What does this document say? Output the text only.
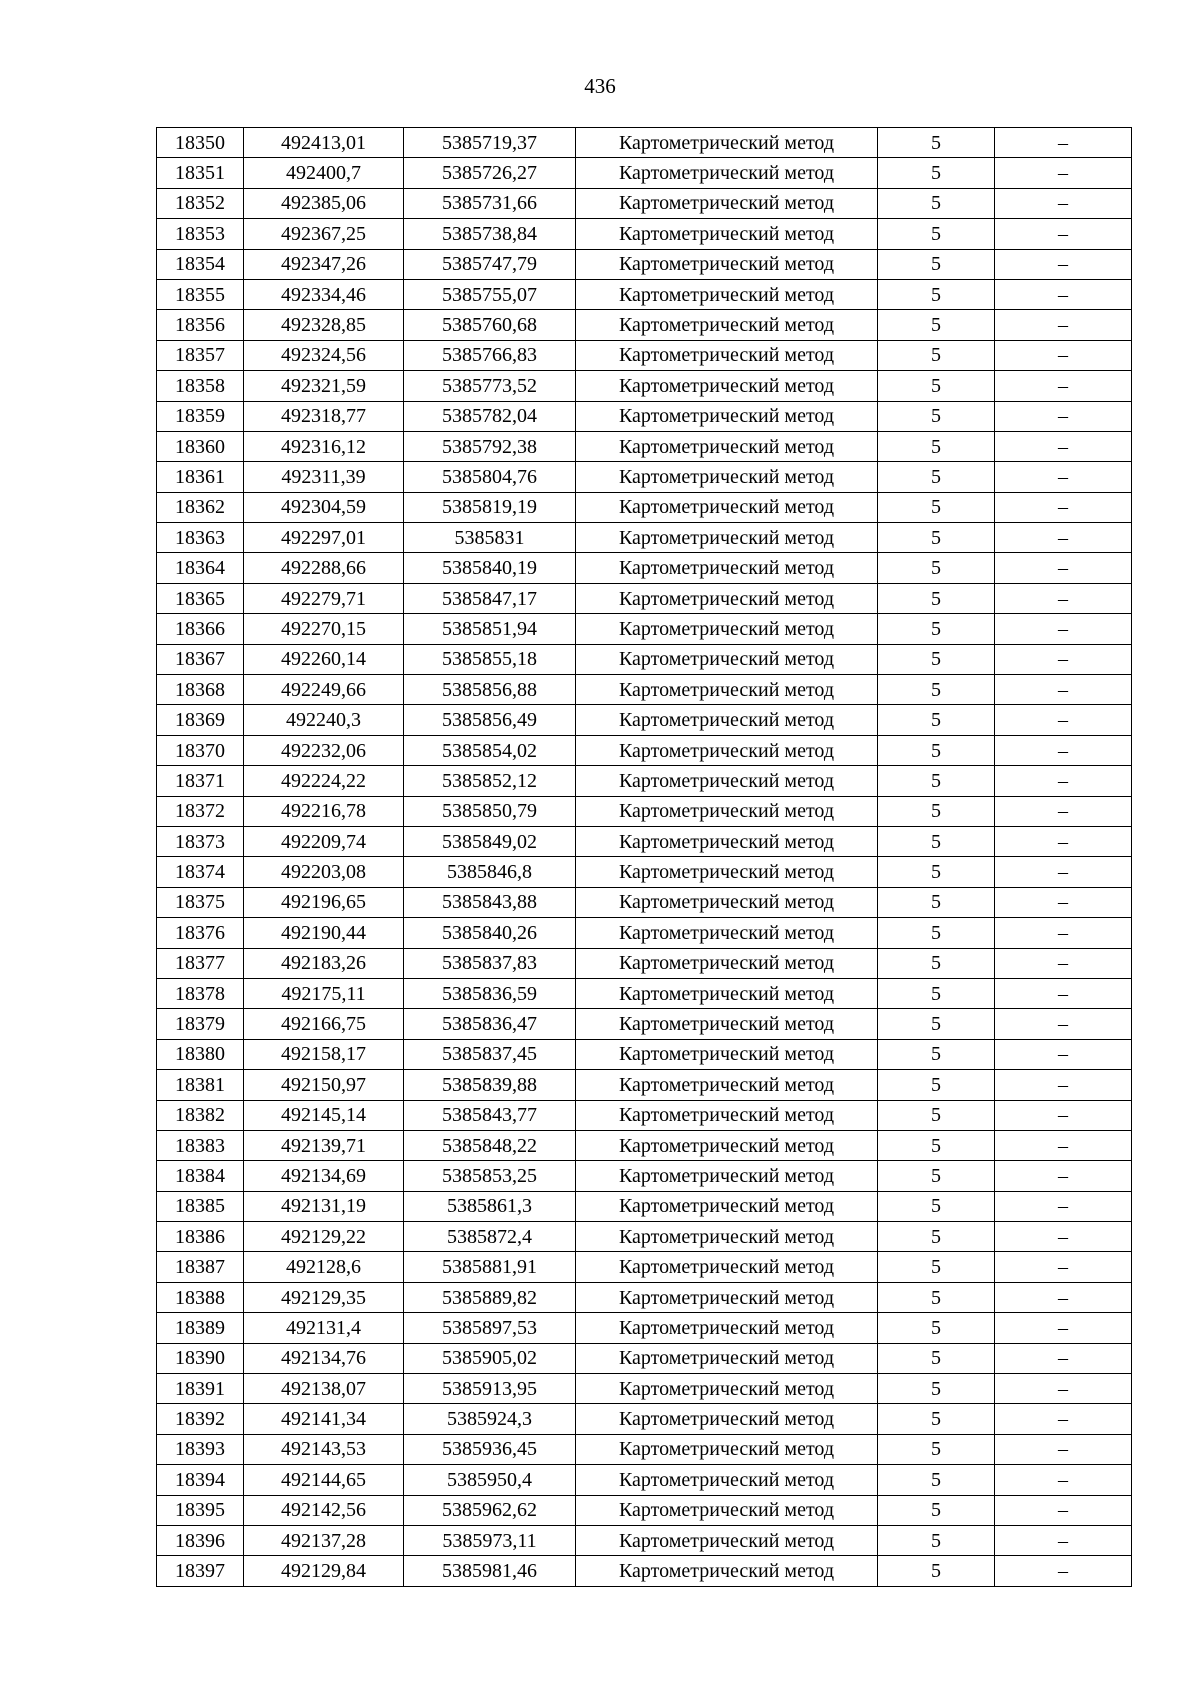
436
18350	492413,01	5385719,37	Картометрический метод	5	–
18351	492400,7	5385726,27	Картометрический метод	5	–
18352	492385,06	5385731,66	Картометрический метод	5	–
18353	492367,25	5385738,84	Картометрический метод	5	–
18354	492347,26	5385747,79	Картометрический метод	5	–
18355	492334,46	5385755,07	Картометрический метод	5	–
18356	492328,85	5385760,68	Картометрический метод	5	–
18357	492324,56	5385766,83	Картометрический метод	5	–
18358	492321,59	5385773,52	Картометрический метод	5	–
18359	492318,77	5385782,04	Картометрический метод	5	–
18360	492316,12	5385792,38	Картометрический метод	5	–
18361	492311,39	5385804,76	Картометрический метод	5	–
18362	492304,59	5385819,19	Картометрический метод	5	–
18363	492297,01	5385831	Картометрический метод	5	–
18364	492288,66	5385840,19	Картометрический метод	5	–
18365	492279,71	5385847,17	Картометрический метод	5	–
18366	492270,15	5385851,94	Картометрический метод	5	–
18367	492260,14	5385855,18	Картометрический метод	5	–
18368	492249,66	5385856,88	Картометрический метод	5	–
18369	492240,3	5385856,49	Картометрический метод	5	–
18370	492232,06	5385854,02	Картометрический метод	5	–
18371	492224,22	5385852,12	Картометрический метод	5	–
18372	492216,78	5385850,79	Картометрический метод	5	–
18373	492209,74	5385849,02	Картометрический метод	5	–
18374	492203,08	5385846,8	Картометрический метод	5	–
18375	492196,65	5385843,88	Картометрический метод	5	–
18376	492190,44	5385840,26	Картометрический метод	5	–
18377	492183,26	5385837,83	Картометрический метод	5	–
18378	492175,11	5385836,59	Картометрический метод	5	–
18379	492166,75	5385836,47	Картометрический метод	5	–
18380	492158,17	5385837,45	Картометрический метод	5	–
18381	492150,97	5385839,88	Картометрический метод	5	–
18382	492145,14	5385843,77	Картометрический метод	5	–
18383	492139,71	5385848,22	Картометрический метод	5	–
18384	492134,69	5385853,25	Картометрический метод	5	–
18385	492131,19	5385861,3	Картометрический метод	5	–
18386	492129,22	5385872,4	Картометрический метод	5	–
18387	492128,6	5385881,91	Картометрический метод	5	–
18388	492129,35	5385889,82	Картометрический метод	5	–
18389	492131,4	5385897,53	Картометрический метод	5	–
18390	492134,76	5385905,02	Картометрический метод	5	–
18391	492138,07	5385913,95	Картометрический метод	5	–
18392	492141,34	5385924,3	Картометрический метод	5	–
18393	492143,53	5385936,45	Картометрический метод	5	–
18394	492144,65	5385950,4	Картометрический метод	5	–
18395	492142,56	5385962,62	Картометрический метод	5	–
18396	492137,28	5385973,11	Картометрический метод	5	–
18397	492129,84	5385981,46	Картометрический метод	5	–
